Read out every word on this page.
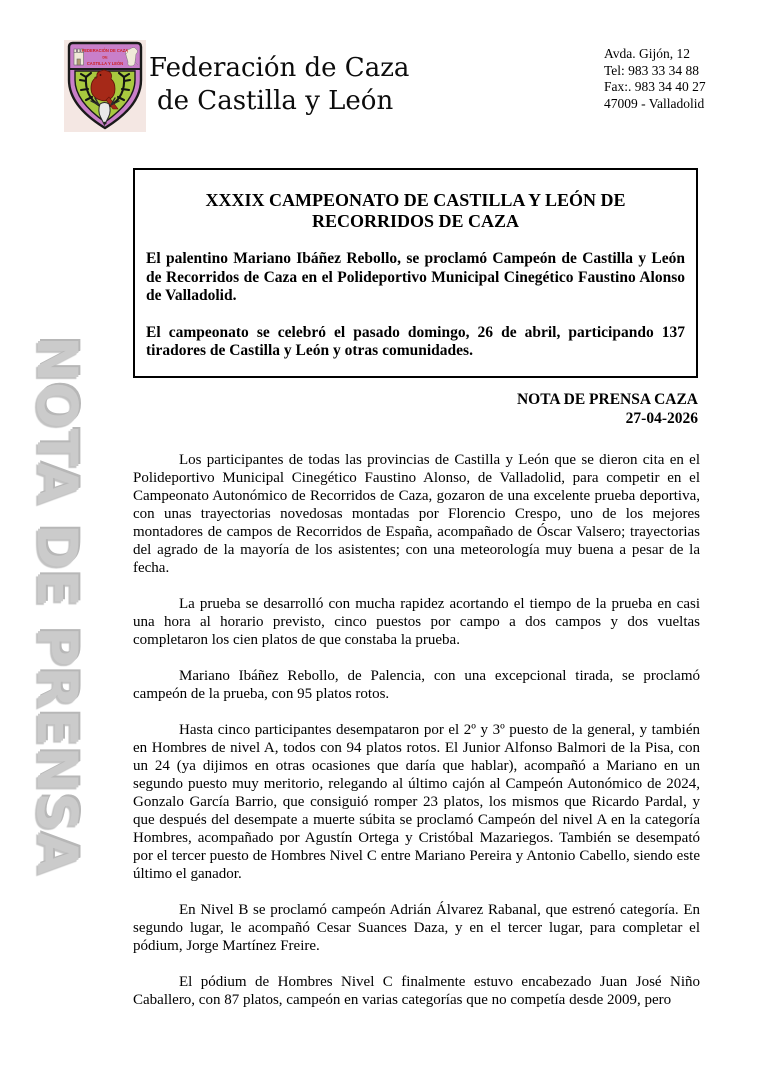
FEDERACIÓN DE CAZA
DE
CASTILLA Y LEÓN Federación de Caza
de Castilla y León
Avda. Gijón, 12
Tel: 983 33 34 88
Fax:. 983 34 40 27
47009 - Valladolid
NOTA DE PRENSA
XXXIX CAMPEONATO DE CASTILLA Y LEÓN DE
RECORRIDOS DE CAZA

El palentino Mariano Ibáñez Rebollo, se proclamó Campeón de Castilla y León de Recorridos de Caza en el Polideportivo Municipal Cinegético Faustino Alonso de Valladolid.

El campeonato se celebró el pasado domingo, 26 de abril, participando 137 tiradores de Castilla y León y otras comunidades.

NOTA DE PRENSA CAZA
27-04-2026

Los participantes de todas las provincias de Castilla y León que se dieron cita en el Polideportivo Municipal Cinegético Faustino Alonso, de Valladolid, para competir en el Campeonato Autonómico de Recorridos de Caza, gozaron de una excelente prueba deportiva, con unas trayectorias novedosas montadas por Florencio Crespo, uno de los mejores montadores de campos de Recorridos de España, acompañado de Óscar Valsero; trayectorias del agrado de la mayoría de los asistentes; con una meteorología muy buena a pesar de la fecha.

La prueba se desarrolló con mucha rapidez acortando el tiempo de la prueba en casi una hora al horario previsto, cinco puestos por campo a dos campos y dos vueltas completaron los cien platos de que constaba la prueba.

Mariano Ibáñez Rebollo, de Palencia, con una excepcional tirada, se proclamó campeón de la prueba, con 95 platos rotos.

Hasta cinco participantes desempataron por el 2º y 3º puesto de la general, y también en Hombres de nivel A, todos con 94 platos rotos. El Junior Alfonso Balmori de la Pisa, con un 24 (ya dijimos en otras ocasiones que daría que hablar), acompañó a Mariano en un segundo puesto muy meritorio, relegando al último cajón al Campeón Autonómico de 2024, Gonzalo García Barrio, que consiguió romper 23 platos, los mismos que Ricardo Pardal, y que después del desempate a muerte súbita se proclamó Campeón del nivel A en la categoría Hombres, acompañado por Agustín Ortega y Cristóbal Mazariegos. También se desempató por el tercer puesto de Hombres Nivel C entre Mariano Pereira y Antonio Cabello, siendo este último el ganador.

En Nivel B se proclamó campeón Adrián Álvarez Rabanal, que estrenó categoría. En segundo lugar, le acompañó Cesar Suances Daza, y en el tercer lugar, para completar el pódium, Jorge Martínez Freire.

El pódium de Hombres Nivel C finalmente estuvo encabezado Juan José Niño Caballero, con 87 platos, campeón en varias categorías que no competía desde 2009, pero
